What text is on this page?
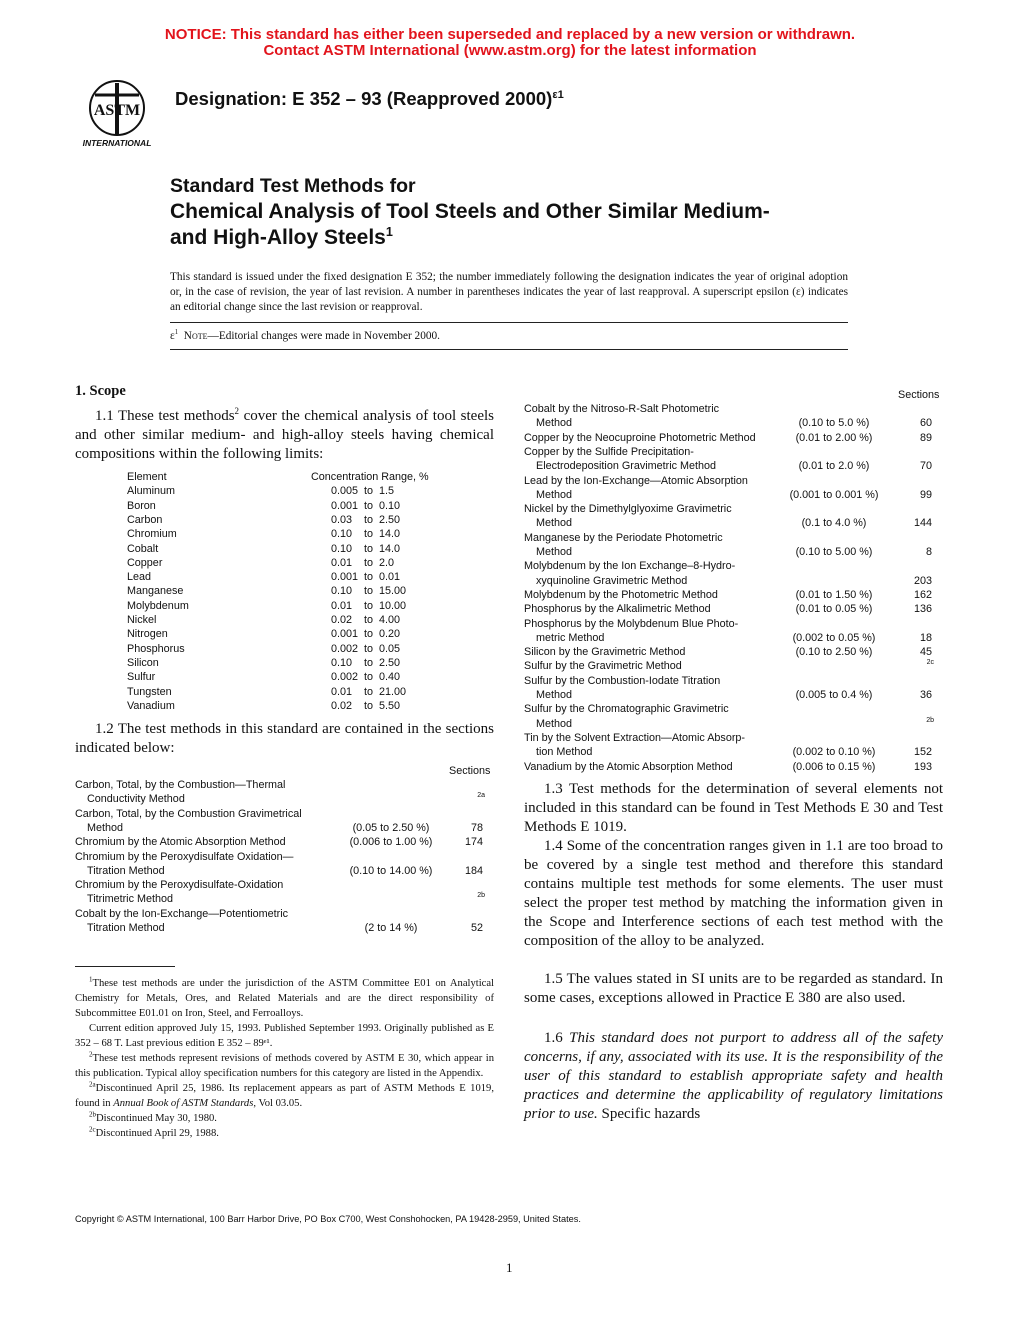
NOTICE: This standard has either been superseded and replaced by a new version or withdrawn.
Contact ASTM International (www.astm.org) for the latest information
ASTM
INTERNATIONAL
Designation: E 352 – 93 (Reapproved 2000)$^{\varepsilon 1}$
Standard Test Methods for
Chemical Analysis of Tool Steels and Other Similar Medium-
and High-Alloy Steels$^1$
This standard is issued under the fixed designation E 352; the number immediately following the designation indicates the year of original adoption or, in the case of revision, the year of last revision. A number in parentheses indicates the year of last reapproval. A superscript epsilon (ε) indicates an editorial change since the last revision or reapproval.
$\varepsilon^1$ Note—Editorial changes were made in November 2000.
1. Scope
1.1 These test methods$^2$ cover the chemical analysis of tool steels and other similar medium- and high-alloy steels having chemical compositions within the following limits:
Element	Concentration Range, %
Aluminum	0.005 to 1.5
Boron	0.001 to 0.10
Carbon	0.03 to 2.50
Chromium	0.10 to 14.0
Cobalt	0.10 to 14.0
Copper	0.01 to 2.0
Lead	0.001 to 0.01
Manganese	0.10 to 15.00
Molybdenum	0.01 to 10.00
Nickel	0.02 to 4.00
Nitrogen	0.001 to 0.20
Phosphorus	0.002 to 0.05
Silicon	0.10 to 2.50
Sulfur	0.002 to 0.40
Tungsten	0.01 to 21.00
Vanadium	0.02 to 5.50
1.2 The test methods in this standard are contained in the sections indicated below:
Sections
Carbon, Total, by the Combustion—Thermal
Conductivity Method	2a
Carbon, Total, by the Combustion Gravimetrical
Method	(0.05 to 2.50 %)	78
Chromium by the Atomic Absorption Method	(0.006 to 1.00 %)	174
Chromium by the Peroxydisulfate Oxidation—
Titration Method	(0.10 to 14.00 %)	184
Chromium by the Peroxydisulfate-Oxidation
Titrimetric Method	2b
Cobalt by the Ion-Exchange—Potentiometric
Titration Method	(2 to 14 %)	52
$^1$These test methods are under the jurisdiction of the ASTM Committee E01 on Analytical Chemistry for Metals, Ores, and Related Materials and are the direct responsibility of Subcommittee E01.01 on Iron, Steel, and Ferroalloys.
Current edition approved July 15, 1993. Published September 1993. Originally published as E 352 – 68 T. Last previous edition E 352 – 89ᵉ¹.
$^2$These test methods represent revisions of methods covered by ASTM E 30, which appear in this publication. Typical alloy specification numbers for this category are listed in the Appendix.
$^{2a}$Discontinued April 25, 1986. Its replacement appears as part of ASTM Methods E 1019, found in Annual Book of ASTM Standards, Vol 03.05.
$^{2b}$Discontinued May 30, 1980.
$^{2c}$Discontinued April 29, 1988.
Sections
Cobalt by the Nitroso-R-Salt Photometric
Method	(0.10 to 5.0 %)	60
Copper by the Neocuproine Photometric Method	(0.01 to 2.00 %)	89
Copper by the Sulfide Precipitation-
Electrodeposition Gravimetric Method	(0.01 to 2.0 %)	70
Lead by the Ion-Exchange—Atomic Absorption
Method	(0.001 to 0.001 %)	99
Nickel by the Dimethylglyoxime Gravimetric
Method	(0.1 to 4.0 %)	144
Manganese by the Periodate Photometric
Method	(0.10 to 5.00 %)	8
Molybdenum by the Ion Exchange–8-Hydro-
xyquinoline Gravimetric Method	203
Molybdenum by the Photometric Method	(0.01 to 1.50 %)	162
Phosphorus by the Alkalimetric Method	(0.01 to 0.05 %)	136
Phosphorus by the Molybdenum Blue Photo-
metric Method	(0.002 to 0.05 %)	18
Silicon by the Gravimetric Method	(0.10 to 2.50 %)	45
Sulfur by the Gravimetric Method	2c
Sulfur by the Combustion-Iodate Titration
Method	(0.005 to 0.4 %)	36
Sulfur by the Chromatographic Gravimetric
Method	2b
Tin by the Solvent Extraction—Atomic Absorp-
tion Method	(0.002 to 0.10 %)	152
Vanadium by the Atomic Absorption Method	(0.006 to 0.15 %)	193
1.3 Test methods for the determination of several elements not included in this standard can be found in Test Methods E 30 and Test Methods E 1019.
1.4 Some of the concentration ranges given in 1.1 are too broad to be covered by a single test method and therefore this standard contains multiple test methods for some elements. The user must select the proper test method by matching the information given in the Scope and Interference sections of each test method with the composition of the alloy to be analyzed.
1.5 The values stated in SI units are to be regarded as standard. In some cases, exceptions allowed in Practice E 380 are also used.
1.6 This standard does not purport to address all of the safety concerns, if any, associated with its use. It is the responsibility of the user of this standard to establish appropriate safety and health practices and determine the applicability of regulatory limitations prior to use. Specific hazards
Copyright © ASTM International, 100 Barr Harbor Drive, PO Box C700, West Conshohocken, PA 19428-2959, United States.
1
